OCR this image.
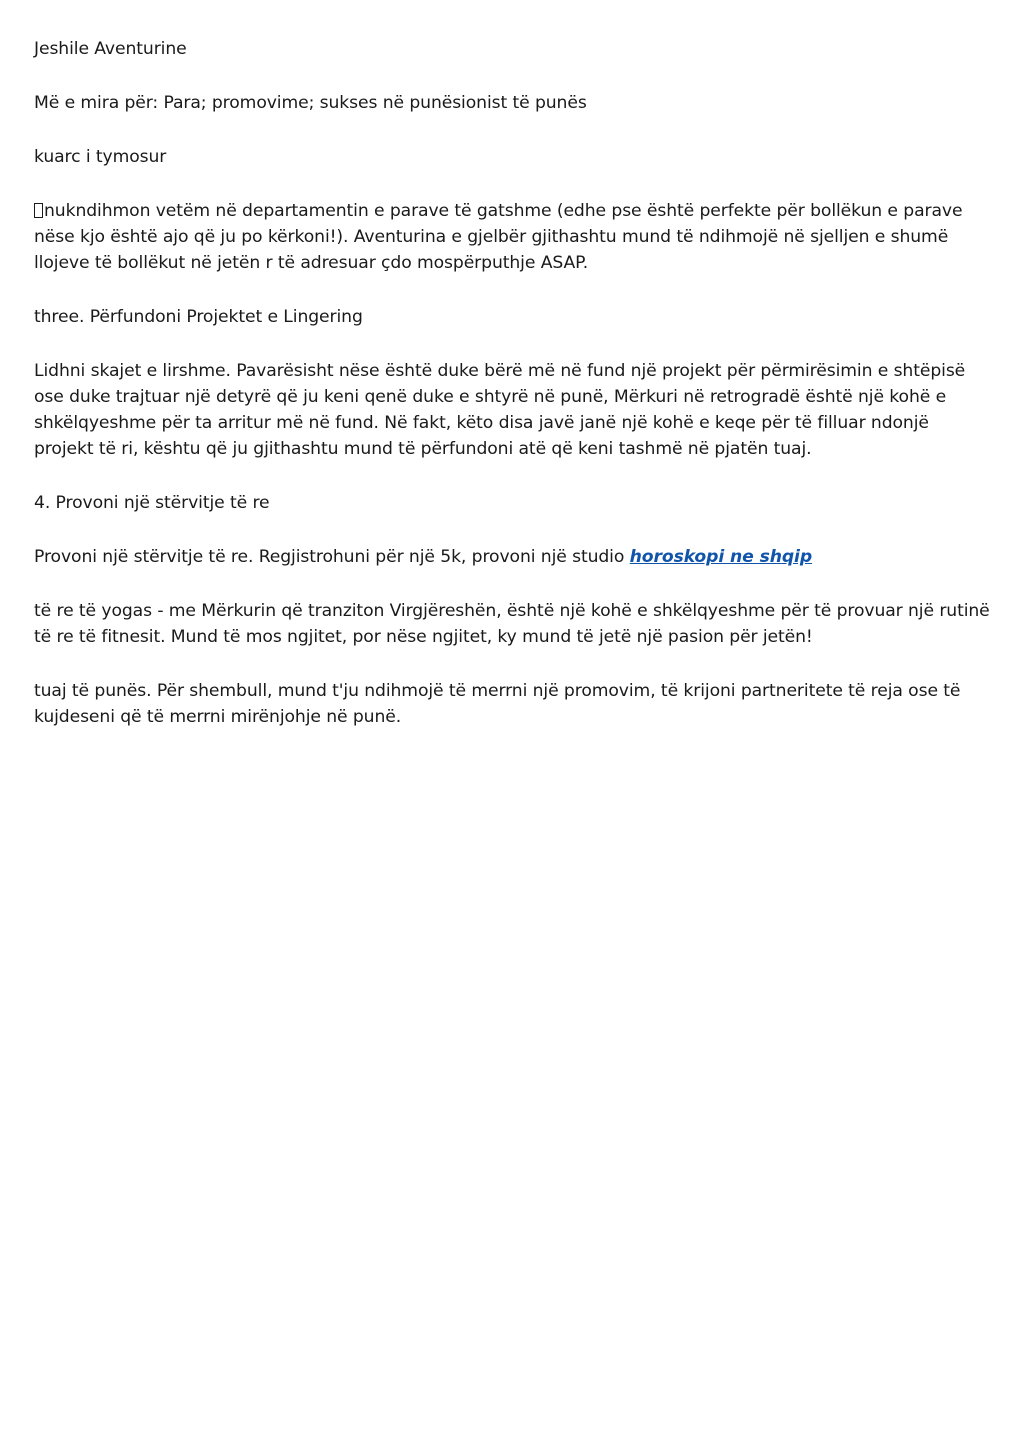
Jeshile Aventurine

Më e mira për: Para; promovime; sukses në punësionist të punës

kuarc i tymosur

nukndihmon vetëm në departamentin e parave të gatshme (edhe pse është perfekte për bollëkun e parave nëse kjo është ajo që ju po kërkoni!). Aventurina e gjelbër gjithashtu mund të ndihmojë në sjelljen e shumë llojeve të bollëkut në jetën r të adresuar çdo mospërputhje ASAP.

three. Përfundoni Projektet e Lingering

Lidhni skajet e lirshme. Pavarësisht nëse është duke bërë më në fund një projekt për përmirësimin e shtëpisë ose duke trajtuar një detyrë që ju keni qenë duke e shtyrë në punë, Mërkuri në retrogradë është një kohë e shkëlqyeshme për ta arritur më në fund. Në fakt, këto disa javë janë një kohë e keqe për të filluar ndonjë projekt të ri, kështu që ju gjithashtu mund të përfundoni atë që keni tashmë në pjatën tuaj.

4. Provoni një stërvitje të re

Provoni një stërvitje të re. Regjistrohuni për një 5k, provoni një studio horoskopi ne shqip

të re të yogas - me Mërkurin që tranziton Virgjëreshën, është një kohë e shkëlqyeshme për të provuar një rutinë të re të fitnesit. Mund të mos ngjitet, por nëse ngjitet, ky mund të jetë një pasion për jetën!

tuaj të punës. Për shembull, mund t'ju ndihmojë të merrni një promovim, të krijoni partneritete të reja ose të kujdeseni që të merrni mirënjohje në punë.
